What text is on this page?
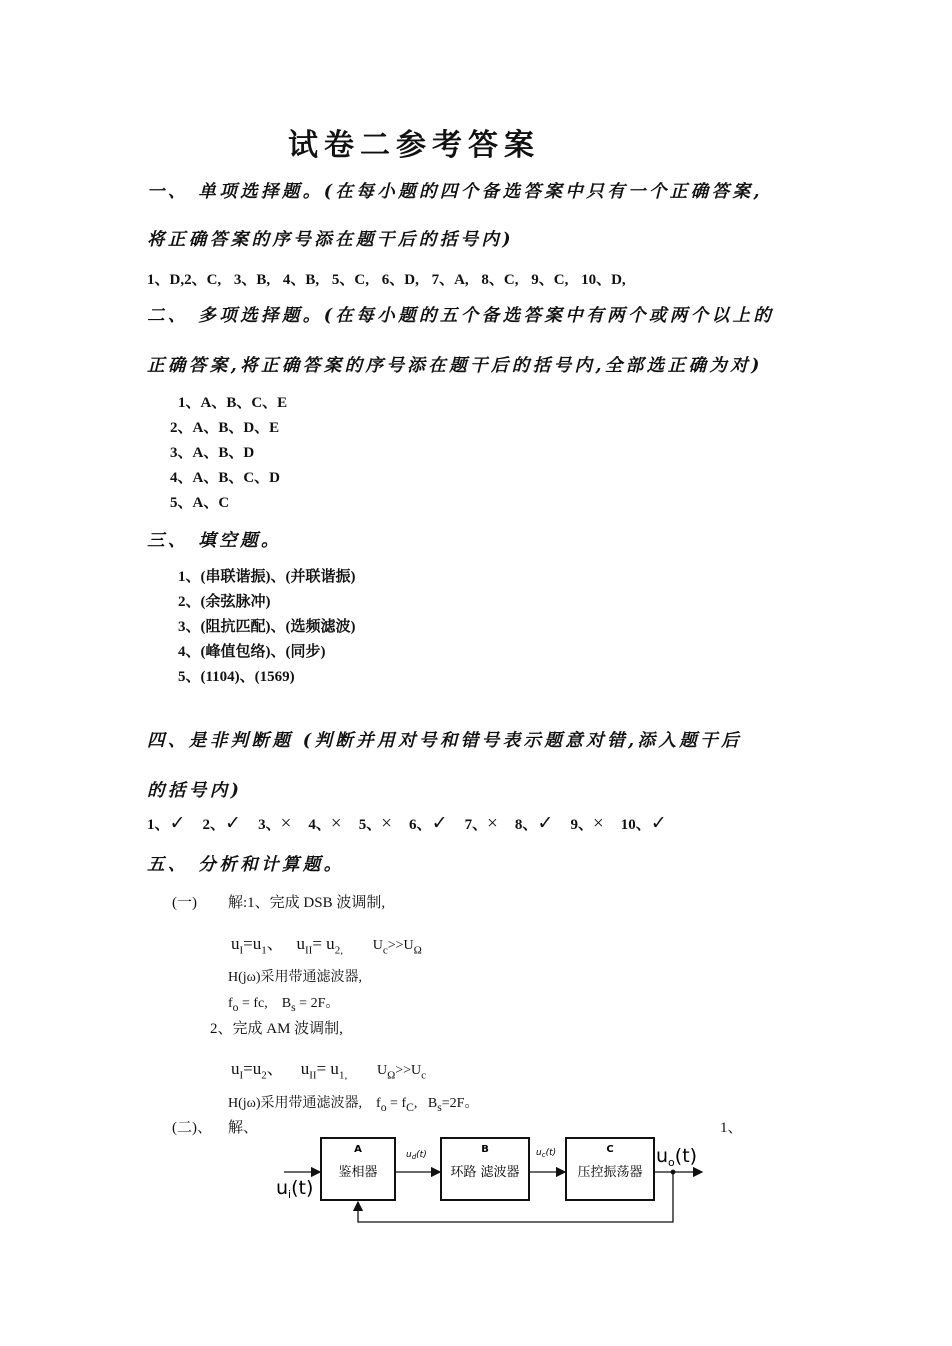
试卷二参考答案
一、 单项选择题。(在每小题的四个备选答案中只有一个正确答案,
将正确答案的序号添在题干后的括号内)
1、D,2、C, 3、B, 4、B, 5、C, 6、D, 7、A, 8、C, 9、C, 10、D,
二、 多项选择题。(在每小题的五个备选答案中有两个或两个以上的
正确答案,将正确答案的序号添在题干后的括号内,全部选正确为对)
1、A、B、C、E
2、A、B、D、E
3、A、B、D
4、A、B、C、D
5、A、C
三、 填空题。
1、(串联谐振)、(并联谐振)
2、(余弦脉冲)
3、(阻抗匹配)、(选频滤波)
4、(峰值包络)、(同步)
5、(1104)、(1569)
四、是非判断题 (判断并用对号和错号表示题意对错,添入题干后
的括号内)
1、✓ 2、✓ 3、× 4、× 5、× 6、✓ 7、× 8、✓ 9、× 10、✓
五、 分析和计算题。
(一) 解:1、完成 DSB 波调制,
$u_I=u_1$、 $u_{II}= u_{2,}$ $U_c>>U_\Omega$
H(jω)采用带通滤波器,
$f_o$ = fc, $B_s = 2F$。
2、完成 AM 波调制,
$u_I=u_2$、 $u_{II}= u_{1,}$ $U_\Omega>>U_c$
H(jω)采用带通滤波器, $f_o = f_C$, $B_s=2F$。
(二)、 解、	1、
A
鉴相器
$u_d(t)$	B
环路 滤波器
$u_c(t)$	C
压控振荡器
$u_o(t)$
$u_i(t)$
